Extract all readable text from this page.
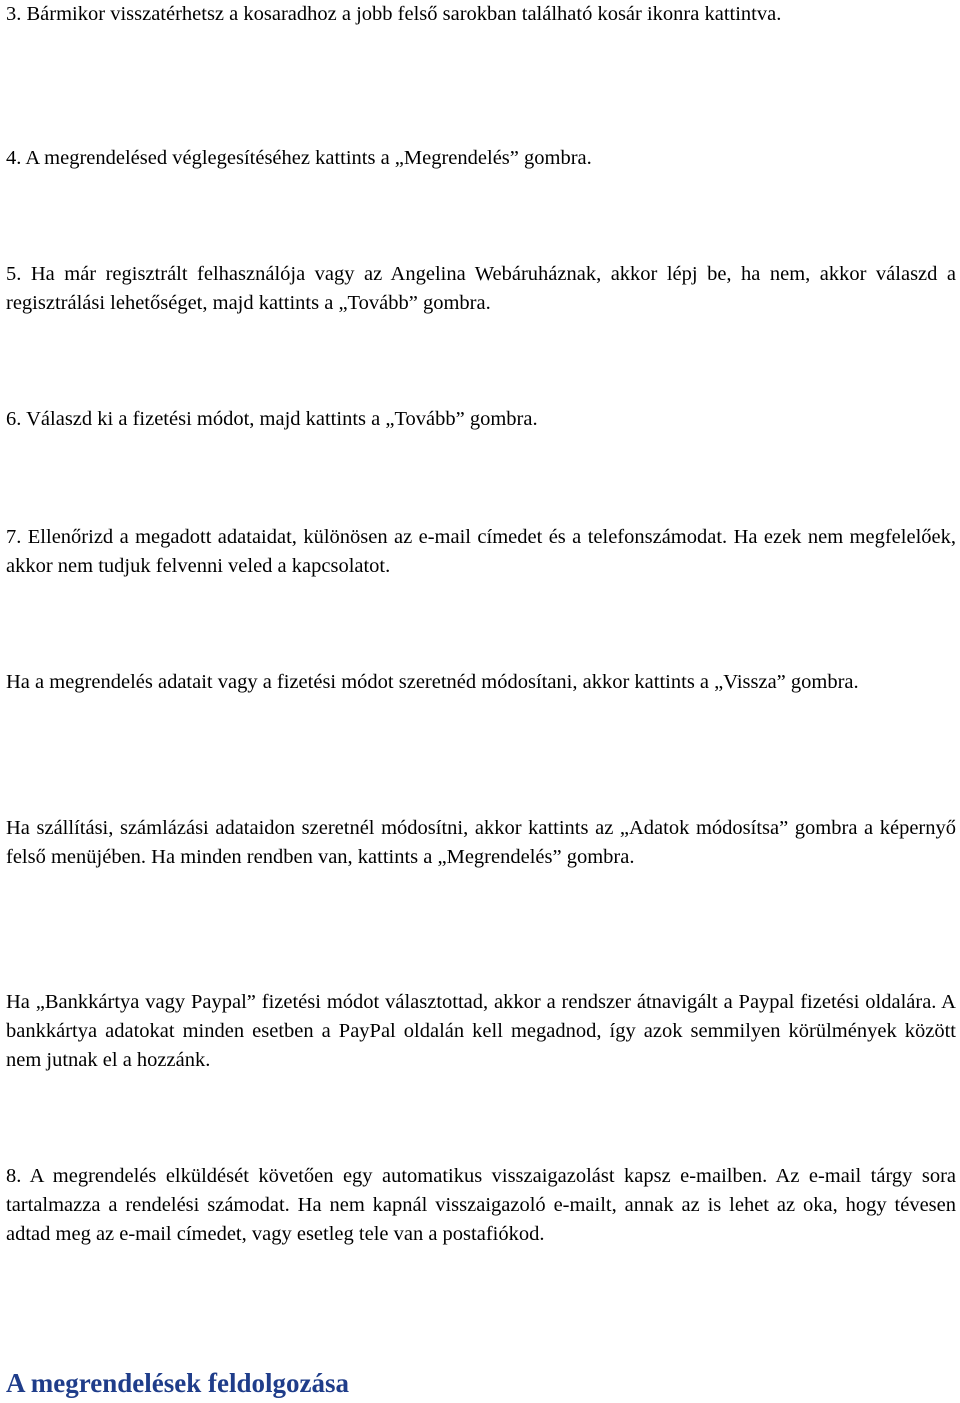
3. Bármikor visszatérhetsz a kosaradhoz a jobb felső sarokban található kosár ikonra kattintva.

4. A megrendelésed véglegesítéséhez kattints a „Megrendelés” gombra.

5. Ha már regisztrált felhasználója vagy az Angelina Webáruháznak, akkor lépj be, ha nem, akkor válaszd a regisztrálási lehetőséget, majd kattints a „Tovább” gombra.

6. Válaszd ki a fizetési módot, majd kattints a „Tovább” gombra.

7. Ellenőrizd a megadott adataidat, különösen az e-mail címedet és a telefonszámodat. Ha ezek nem megfelelőek, akkor nem tudjuk felvenni veled a kapcsolatot.

Ha a megrendelés adatait vagy a fizetési módot szeretnéd módosítani, akkor kattints a „Vissza” gombra.

Ha szállítási, számlázási adataidon szeretnél módosítni, akkor kattints az „Adatok módosítsa” gombra a képernyő felső menüjében. Ha minden rendben van, kattints a „Megrendelés” gombra.

Ha „Bankkártya vagy Paypal” fizetési módot választottad, akkor a rendszer átnavigált a Paypal fizetési oldalára. A bankkártya adatokat minden esetben a PayPal oldalán kell megadnod, így azok semmilyen körülmények között nem jutnak el a hozzánk.

8. A megrendelés elküldését követően egy automatikus visszaigazolást kapsz e-mailben. Az e-mail tárgy sora tartalmazza a rendelési számodat. Ha nem kapnál visszaigazoló e-mailt, annak az is lehet az oka, hogy tévesen adtad meg az e-mail címedet, vagy esetleg tele van a postafiókod.

A megrendelések feldolgozása
